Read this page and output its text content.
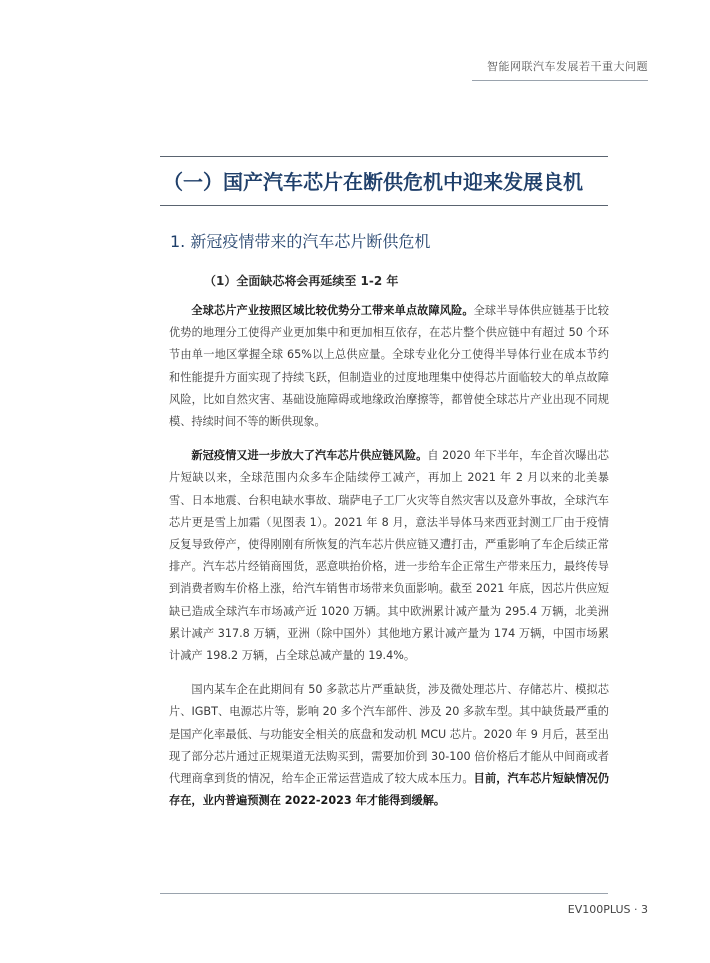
智能网联汽车发展若干重大问题
（一）国产汽车芯片在断供危机中迎来发展良机
1. 新冠疫情带来的汽车芯片断供危机
（1）全面缺芯将会再延续至 1-2 年

全球芯片产业按照区域比较优势分工带来单点故障风险。全球半导体供应链基于比较优势的地理分工使得产业更加集中和更加相互依存，在芯片整个供应链中有超过 50 个环节由单一地区掌握全球 65%以上总供应量。全球专业化分工使得半导体行业在成本节约和性能提升方面实现了持续飞跃，但制造业的过度地理集中使得芯片面临较大的单点故障风险，比如自然灾害、基础设施障碍或地缘政治摩擦等，都曾使全球芯片产业出现不同规模、持续时间不等的断供现象。

新冠疫情又进一步放大了汽车芯片供应链风险。自 2020 年下半年，车企首次曝出芯片短缺以来，全球范围内众多车企陆续停工减产，再加上 2021 年 2 月以来的北美暴雪、日本地震、台积电缺水事故、瑞萨电子工厂火灾等自然灾害以及意外事故，全球汽车芯片更是雪上加霜（见图表 1）。2021 年 8 月，意法半导体马来西亚封测工厂由于疫情反复导致停产，使得刚刚有所恢复的汽车芯片供应链又遭打击，严重影响了车企后续正常排产。汽车芯片经销商囤货，恶意哄抬价格，进一步给车企正常生产带来压力，最终传导到消费者购车价格上涨，给汽车销售市场带来负面影响。截至 2021 年底，因芯片供应短缺已造成全球汽车市场减产近 1020 万辆。其中欧洲累计减产量为 295.4 万辆，北美洲累计减产 317.8 万辆，亚洲（除中国外）其他地方累计减产量为 174 万辆，中国市场累计减产 198.2 万辆，占全球总减产量的 19.4%。

国内某车企在此期间有 50 多款芯片严重缺货，涉及微处理芯片、存储芯片、模拟芯片、IGBT、电源芯片等，影响 20 多个汽车部件、涉及 20 多款车型。其中缺货最严重的是国产化率最低、与功能安全相关的底盘和发动机 MCU 芯片。2020 年 9 月后，甚至出现了部分芯片通过正规渠道无法购买到，需要加价到 30-100 倍价格后才能从中间商或者代理商拿到货的情况，给车企正常运营造成了较大成本压力。目前，汽车芯片短缺情况仍存在，业内普遍预测在 2022-2023 年才能得到缓解。

EV100PLUS · 3
